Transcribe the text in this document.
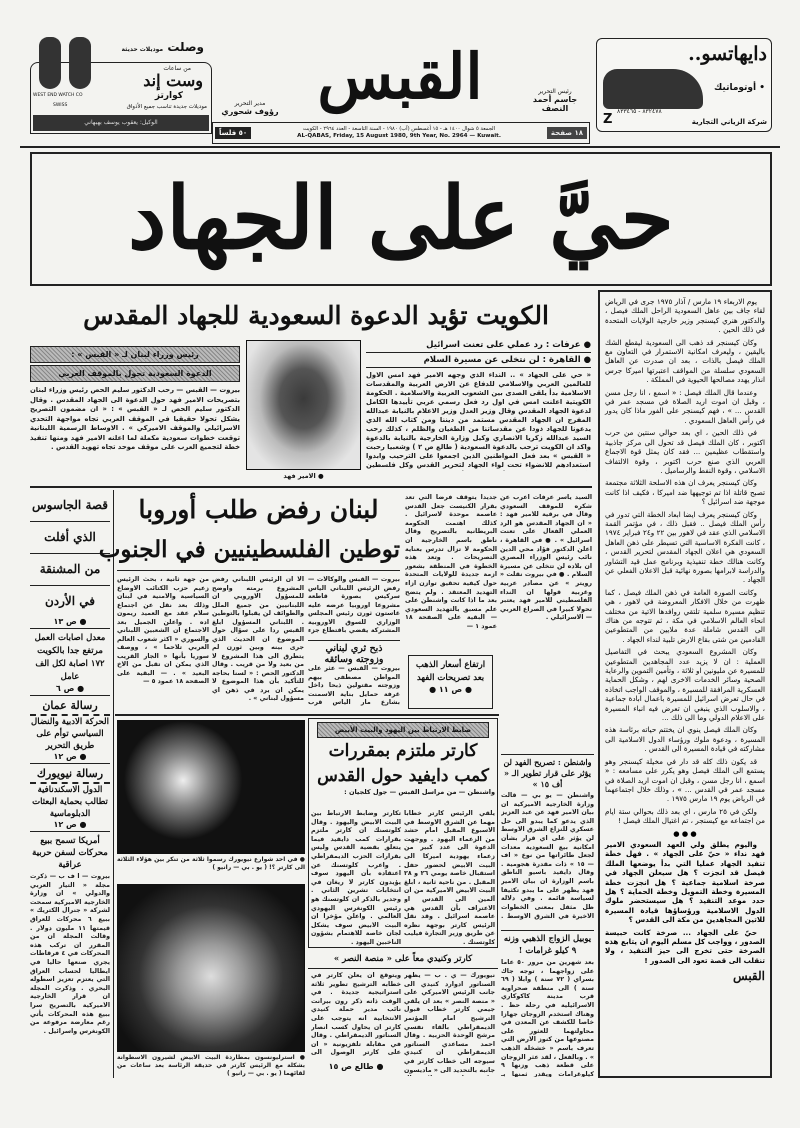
دايهاتسو..
• أوتوماتيك
شركة الزياني التجارية
٨٣٢٤٧٨ - ٨٣٣٤٦٥
Z
رئيس التحرير
جاسم أحمد النصف
القبس
مدير التحرير
رؤوف شحوري
١٨ صفحة
الجمعة ٥ شوال ١٤٠٠ هـ - ١٥ أغسطس (آب) ١٩٨٠ - السنة التاسعة - العدد ٢٩٦٤ - الكويت
AL-QABAS, Friday, 15 August 1980, 9th Year, No. 2964 — Kuwait.
٥٠ فلساً
وصلت موديلات حديثة
WEST END WATCH CO
SWISS
من ساعات
وست إند
كوارتز
موديلات جديدة تناسب جميع الأذواق
الوكيل: يعقوب يوسف بهبهاني
حيَّ على الجهاد

يوم الاربعاء ١٩ مارس / آذار ١٩٧٥ جرى في الرياض لقاء جاف بين عاهل السعودية الراحل الملك فيصل ، والدكتور هنري كيسنجر وزير خارجية الولايات المتحدة في ذلك الحين .

وكان كيسنجر قد ذهب الى السعودية ليقطع الشك باليقين ، وليعرف امكانية الاستمرار في التعاون مع الملك فيصل بالذات ، بعد ان صدرت عن العاهل السعودي سلسلة من المواقف اعتبرتها اميركا جرس انذار يهدد مصالحها الحيوية في المملكة .

وعندما قال الملك فيصل : « اسمع ، انا رجل مسن ، وقبل ان اموت اريد الصلاة في مسجد عمر في القدس ... » ، فهم كيسنجر على الفور ماذا كان يدور في رأس العاهل السعودي .

في ذلك الحين ، اي بعد حوالي سنتين من حرب اكتوبر ، كان الملك فيصل قد تحول الى مركز جاذبية واستقطاب عظيمين ... فقد كان يمثل قوة الاجماع العربي الذي صنع حرب اكتوبر ، وقوة الالتفاف الاسلامي ، وقوة النفط والرساميل .

وكان كيسنجر يعرف ان هذه الاسلحة الثلاثة مجتمعة تصبح قاتلة اذا تم توجيهها ضد اميركا ، فكيف اذا كانت موجهة ضد اسرائيل ؟

وكان كيسنجر يعرف ايضا ابعاد الخطة التي تدور في رأس الملك فيصل .. فقبل ذلك ، في مؤتمر القمة الاسلامي الذي عقد في لاهور بين ٢٢ و٢٤ فبراير ١٩٧٤ ، كانت الفكرة الاساسية التي تسيطر على ذهن العاهل السعودي هي اعلان الجهاد المقدس لتحرير القدس ، وكانت هنالك خطة تنفيذية وبرنامج عمل قيد التشاور والدراسة لابرامها بصورة نهائية قبل الاعلان الفعلي عن الجهاد .

وكانت الصورة العامة في ذهن الملك فيصل ، كما ظهرت من خلال الافكار المعروضة في لاهور ، هي تنظيم مسيرة سلمية تلتقي روافدها الاتية من مختلف انحاء العالم الاسلامي في مكة ، ثم تتوجه من هناك الى القدس شاملة عدة ملايين من المتطوعين القادمين من شتى بقاع الارض تلبية لنداء الجهاد .

وكان المشروع السعودي يبحث في التفاصيل العملية : ان لا يزيد عدد المجاهدين المتطوعين للمسيرة عن مليونين او ثلاثة ، وتأمين التموين والرعاية الصحية وسائر الخدمات الاخرى لهم ، وشكل الحماية العسكرية المرافقة للمسيرة ، والموقف الواجب اتخاذه في حال تعرض اسرائيل للمسيرة باعمال ابادة جماعية ، والاسلوب الذي ينبغي ان تعرض فيه انباء المسيرة على الاعلام الدولي وما الى ذلك ...

وكان الملك فيصل ينوي ان يختتم حياته برئاسة هذه المسيرة ، ودعوة ملوك ورؤساء الدول الاسلامية الى مشاركته في قيادة المسيرة الى القدس .

قد يكون ذلك كله قد دار في مخيلة كيسنجر وهو يستمع الى الملك فيصل وهو يكرر على مسامعه : « اسمع ، انا رجل مسن ، وقبل ان اموت اريد الصلاة في مسجد عمر في القدس ... » ، وذلك خلال اجتماعهما في الرياض يوم ١٩ مارس ١٩٧٥ .

ولكن في ٢٥ مارس ، اي بعد ذلك بحوالي ستة ايام من اجتماعه مع كيسنجر ، تم اغتيال الملك فيصل !

● ● ●

واليوم يطلق ولي العهد السعودي الامير فهد نداء « حيّ على الجهاد » . فهل خطة تنفيذ الجهاد عمليا التي بدأ يوضعها الملك فيصل قد انجزت ؟ هل سيعلن الجهاد في صرخة اسلامية جماعية ؟ هل انجزت خطة المسيرة وخطة التمويل وخطة الحماية ؟ هل حدد موعد التنفيذ ؟ هل سيستحضر ملوك الدول الاسلامية ورؤساؤها قيادة المسيرة للاتين المجاهدين من مكة الى القدس ؟

حيّ على الجهاد ... صرخة كانت حبيسة الصدور ، وواجب كل مسلم اليوم ان يتابع هذه الصرخة حتى تخرج الى حيز التنفيذ ، ولا تنقلب الى قصة تعود الى الصدور !

القبس
الكويت تؤيد الدعوة السعودية للجهاد المقدس
● عرفات : رد عملي على تعنت اسرائيل
● القاهرة : لن نتخلى عن مسيرة السلام
« حي على الجهاد » .. النداء الذي وجهه الامير فهد امس الاول للعالمين العربي والاسلامي للدفاع عن الارض العربية والمقدسات الاسلامية بدأ يلقى الصدى بين الشعوب العربية والاسلامية . الحكومة الكويتية اعلنت امس في اول رد فعل رسمي عربي تأييدها الكامل لدعوة الجهاد المقدس وقال وزير العدل وزير الاعلام بالنيابة عبدالله المفرج ان الجهاد المقدس مستمد من ديننا ومن كتاب الله الذي يدعونا للجهاد ذودا عن مقدساتنا من الطغيان والظلم ، كذلك رحب السيد عبدالله زكريا الانصاري وكيل وزارة الخارجية بالنيابة بالدعوة واكد ان الكويت ترحب بالدعوة السعودية ( طالع ص ٢ ) وشعبيا رحبت « القبس » بعد فعل المواطنين الذين اجمعوا على الترحيب وابدوا استعدادهم للانضواء تحت لواء الجهاد لتحرير القدس وكل فلسطين
● الامير فهد
رئيس وزراء لبنان لـ « القبس » :
الدعوة السعودية تحول بالموقف العربي
بيروت — القبس — رحب الدكتور سليم الحص رئيس وزراء لبنان بتصريحات الامير فهد حول الدعوة الى الجهاد المقدس . وقال الدكتور سليم الحص لـ « القبس » : « ان مضمون التصريح يشكل تحولا حقيقيا في الموقف العربي تجاه مواجهة التحدي الاسرائيلي والموقف الاميركي » . الاوساط الرسمية اللبنانية توقعت خطوات سعودية مكملة لما اعلنه الامير فهد ومنها تنفيذ خطة لتجميع العرب على موقف موحد تجاه تهويد القدس .
قصة الجاسوس
الذي أفلت
من المشنقة
في الأردن
● ص ١٣
معدل اصابات العمل مرتفع جدا بالكويت ١٧٢ اصابة لكل الف عامل
● ص ٦
رسالة عمان
الحركة الادبية والنضال السياسي توأم على طريق التحرير
● ص ١٢
رسالة نيويورك
الدول الاسكندنافية تطالب بحماية البعثات الدبلوماسية
● ص ١٢
أمريكا تسمح ببيع محركات لسفن حربية عراقية
بيروت — أ ف ب — ذكرت مجلة « التيار العربي والدولي » ان وزارة الخارجية الاميركية سمحت لشركة « جنرال الكتريك » ببيع ٦ محركات للعراق قيمتها ١١ مليون دولار . وقالت المجلة ان من المقرر ان تركب هذه المحركات في ٤ فرقاطات يجري صنعها حاليا في ايطاليا لحساب العراق التي يعتزم تعزيز اسطوله البحري . وذكرت المجلة ان قرار الخارجية الاميركية بالتصريح سرا ببيع هذه المحركات يأتي رغم معارضة مرفوعة من الكونغرس واسرائيل .
لبنان رفض طلب أوروبا
توطين الفلسطينيين في الجنوب
بيروت — القبس والوكالات — رفض الرئيس اللبناني الياس سركيس بصورة قاطعة مشروعا اوروبيا عرضه عليه غاستون ثورن رئيس المجلس الوزاري للسوق الاوروبية المشتركة يقضي باقتطاع جزء
الا ان الرئيس اللبناني رفض المشروع برمته واوضح للمسؤول الاوروبي ان اللبنانيين من جميع الملل والطوائف لن يقبلوا بالتوطين . اللبناني المسؤول ابلغ القبس ردا على سؤال حول الموضوع ان الحديث الذي جرى بينه وبين ثورن لم يتطرق الى هذا المشروع لا من بعيد ولا من قريب . وقال الدكتور الحص : « لسنا بحاجة للتأكيد بأن هذا الموضوع لا يمكن ان يرد في ذهن اي مسؤول لبناني » .
من جهة ثانية ، بحث الرئيس زعيم حزب الكتائب الاوضاع السياسية والامنية في لبنان وذلك بعد نقل عن اجتماع سلام عقد مع العميد ريمون اده . واعلن الجميل بعد الاجتماع ان الشعبين اللبناني والسوري « اكثر شعوب العالم العربي تلاحما » ، ووصف سوريا بأنها « الجار القريب الذي يمكن ان تقبل من الاخ البعيد » . — البقية على الصفحة ١٨ عمود ٥ —
ذبح ثري لبناني
وزوجته وسائقه
بيروت — القبس — عثر على المواطن مصطفى بيهم وزوجته مقتولين ذبحا داخل غرفة حمايل بناية الاسمنت بشارع مار الياس قرب
السيد ياسر عرفات اعرب عن شكره للموقف السعودي وقال في برقية للامير فهد : « ان الجهاد المقدس هو الرد العملي الفعال على تعنت اسرائيل » . ● في القاهرة ، اعلن الدكتور فؤاد محي الدين نائب رئيس الوزراء المصري ان بلاده لن تتخلى عن مسيرة السلام . ● في بيروت نقلت « رويتر » عن مصادر عربية وغربية قولها ان النداء الفلسطيني للامير فهد يعتبر تحولا كبيرا في الصراع العربي — الاسرائيلي .
جديدا يتوقف فرضا التي تعد بقرار الكنيست جعل القدس عاصمة موحدة لاسرائيل . كذلك اهتمت الحكومة البريطانية بالتصريح وقال ناطق باسم الخارجية ان الحكومة لا تزال تدرس بعناية التصريحات . وتعد هذه الخطوة في المنطقة بشعور ازمة جديدة للولايات المتحدة حول كيفية تحقيق توازن ازاء التهديد المعتقد . ولم يتضح بعد ما اذا كانت واشنطن على علم مسبق بالتهديد السعودي — البقية على الصفحة ١٨ عمود ١ —
ارتفاع أسعار الذهب بعد تصريحات الفهد
● ص ١١ ●
● في احد شوارع نيويورك رسموا ثلاثة من تنكر بين هؤلاء الثلاثة الى كارتر ؟! ( يو . بي — رانيو )
● استرليونسون بمطاردة البيت الابيض لشيرون الاسطوانة بشكلة مع الرئيس كارتر في حديقة الرئاسة بعد ساعات من لقائهما ( يو . بي — رانيو )
ضابط الارتباط بين اليهود والبيت الأبيض
كارتر ملتزم بمقررات
كمب دايفيد حول القدس
واشنطن — من مراسل القبس — جول كلجيان :
يلقي الرئيس كارتر خطابا مهما عن الشرق الاوسط في الاسبوع المقبل امام حشد من الزعماء اليهود . ووجهت الدعوة الى عدد كبير من زعماء يهودية اميركا الى البيت الابيض لحضور حفل استقبال خاصة يومي ٢٦ و ٢٨ المقبل . من ناحية ثانية ، ابلغ البيت الابيض الاميركية من ان آلمين الى القدس او الاعتراف بأن القدس هي عاصمة اسرائيل . وقد نقل الرئيس كارتر بوجهة نظره عن طريق وزير التجارة فيليب كلوتسنك .
تكارتر وضابط الارتباط بين البيت الابيض واليهود . وقال كلوتسنك ان كارتر ملتزم بقرارات كمب دايفيد فيما يتعلق بقضية القدس وليس بقرارات الحزب الديمقراطي . واعرب كلوتسنك عن اعتقاده بأن اليهود سوف يؤيدون كارتر لا ريغان في انتخابات تشرين الثاني . وجدير بالذكر ان كلوتسنك هو رئيس الكونغرس اليهودي العالمي . واعلن مؤخرا ان البيت الابيض سوف يشكل لجان خاصة للاهتمام بشؤون الناخبين اليهود .
كارتر وكنيدي معاً على « منصة النصر »
نيويورك — ي . ب — يظهر السناتور ادوارد كنيدي الى جانب الرئيس الاميركي على « منصة النصر » بعد ان يلقي جيمي كارتر خطاب قبول الترشيح امام المؤتمر الديمقراطي بالقاء نفسي مرشح الوحدة الحزبية . وقال احمد مساعدي السناتور الديمقراطي ان كنيدي سيوجه الى خطاب كارتر في جانبه بالتحديد الى « ماديسون
ويتوقع ان يعلن كارتر في خطابه الترشيح تطوير ثلاثة استراتيجية جديدة . في الوقت ذاته ذكر رون بيرانت نائب مدير حملة كنيدي الانتخابية انه يتوجب على كارتر ان يحاول كسب انصار السناتور الديمقراطي . وقال في مقابلة تلفزيونية « ان على كارتر الوصول الى
● طالع ص ١٥
واشنطن : تصريح الفهد لن يؤثر على قرار تطوير الـ « أف ١٥ »
واشنطن — يو بي — قالت وزارة الخارجية الاميركية ان بيان الامير فهد عن عبد العزيز الذي يدعو كما يبدو الى حل عسكري للنزاع الشرق الاوسط لن يؤثر على اي قرار بشأن امكانية بيع السعودية معدات لجعل طائراتها من نوع « اف — ١٥ » ذات مقدرة هجومية . وقال دايفيد باسيو الناطق باسم الوزارة ان بيان الامير فهد يظهر على ما يبدو تكثيفا لسياسة قائمة . وفي دلالة
ظل مثقل بمعنى الخطوات الاخيرة في الشرق الاوسط .
يوبيل الزواج الذهبي وزنه ٩ كيلو غرامات !
بعد شهرين من مرور ٥٠ عاما على زواجهما ، توجه جاك بسراي ( ٧٢ سنة ) وابلا ( ٦٩ سنة ) الى منطقة صحراوية قرب مدينة كاكوكاري الاسرائيلية في رحلة حظ . وهناك استخدم الزوجان جهازا خاصا للكشف عن المعدن في محاولتهما للعثور على مصنوعها من كنوز الارض التي تعرف باسم « خشخلة الذهب » . وبالفعل ، لقد عثر الزوجان على قطعة ذهب وزنها ٩ كيلوغرامات ويقدر ثمنها بـ
